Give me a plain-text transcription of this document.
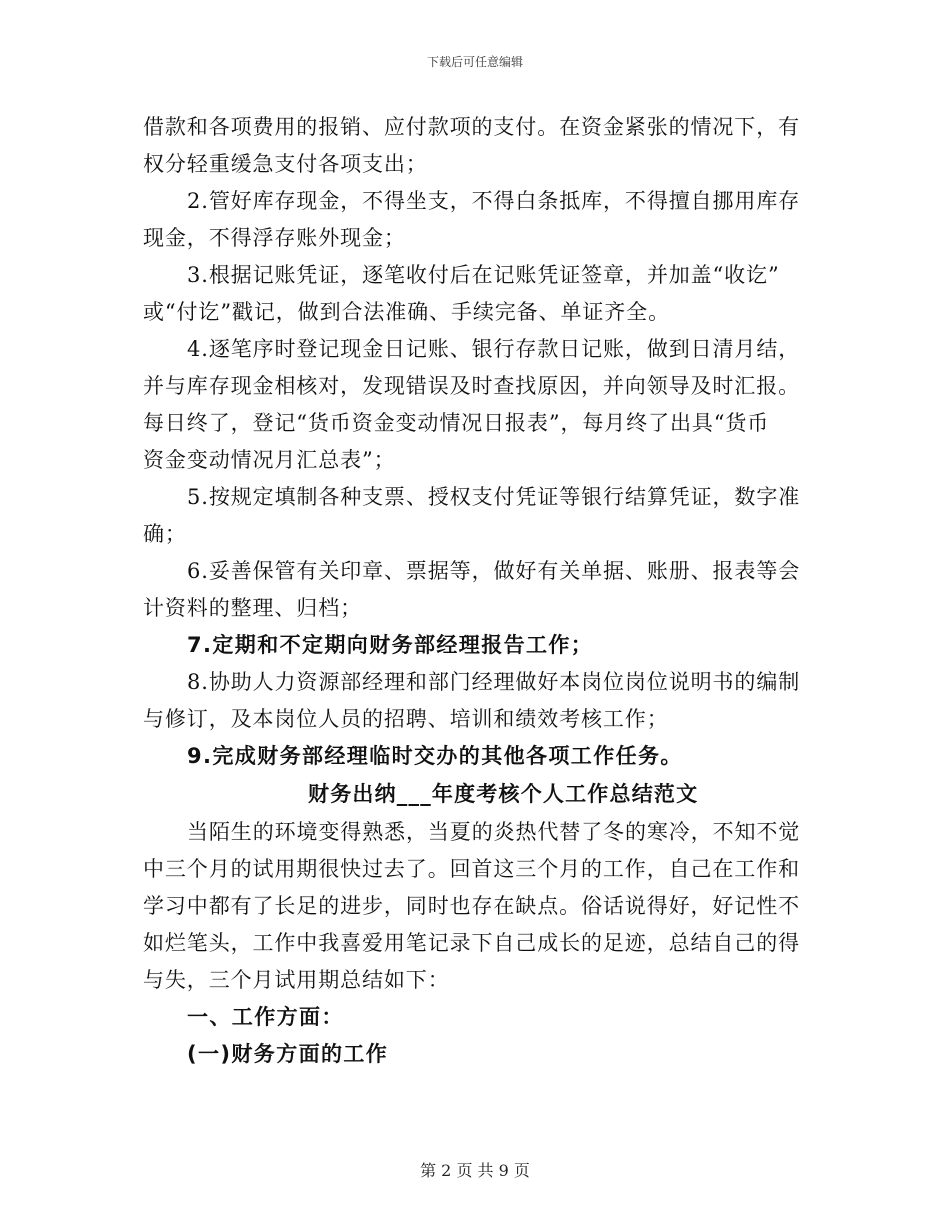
下载后可任意编辑
借款和各项费用的报销、应付款项的支付。在资金紧张的情况下，有
权分轻重缓急支付各项支出；
2.管好库存现金，不得坐支，不得白条抵库，不得擅自挪用库存
现金，不得浮存账外现金；
3.根据记账凭证，逐笔收付后在记账凭证签章，并加盖“收讫”
或“付讫”戳记，做到合法准确、手续完备、单证齐全。
4.逐笔序时登记现金日记账、银行存款日记账，做到日清月结，
并与库存现金相核对，发现错误及时查找原因，并向领导及时汇报。
每日终了，登记“货币资金变动情况日报表”，每月终了出具“货币
资金变动情况月汇总表”；
5.按规定填制各种支票、授权支付凭证等银行结算凭证，数字准
确；
6.妥善保管有关印章、票据等，做好有关单据、账册、报表等会
计资料的整理、归档；
7.定期和不定期向财务部经理报告工作；
8.协助人力资源部经理和部门经理做好本岗位岗位说明书的编制
与修订，及本岗位人员的招聘、培训和绩效考核工作；
9.完成财务部经理临时交办的其他各项工作任务。
财务出纳___年度考核个人工作总结范文
当陌生的环境变得熟悉，当夏的炎热代替了冬的寒冷，不知不觉
中三个月的试用期很快过去了。回首这三个月的工作，自己在工作和
学习中都有了长足的进步，同时也存在缺点。俗话说得好，好记性不
如烂笔头，工作中我喜爱用笔记录下自己成长的足迹，总结自己的得
与失，三个月试用期总结如下：
一、工作方面：
(一)财务方面的工作
第 2 页 共 9 页
